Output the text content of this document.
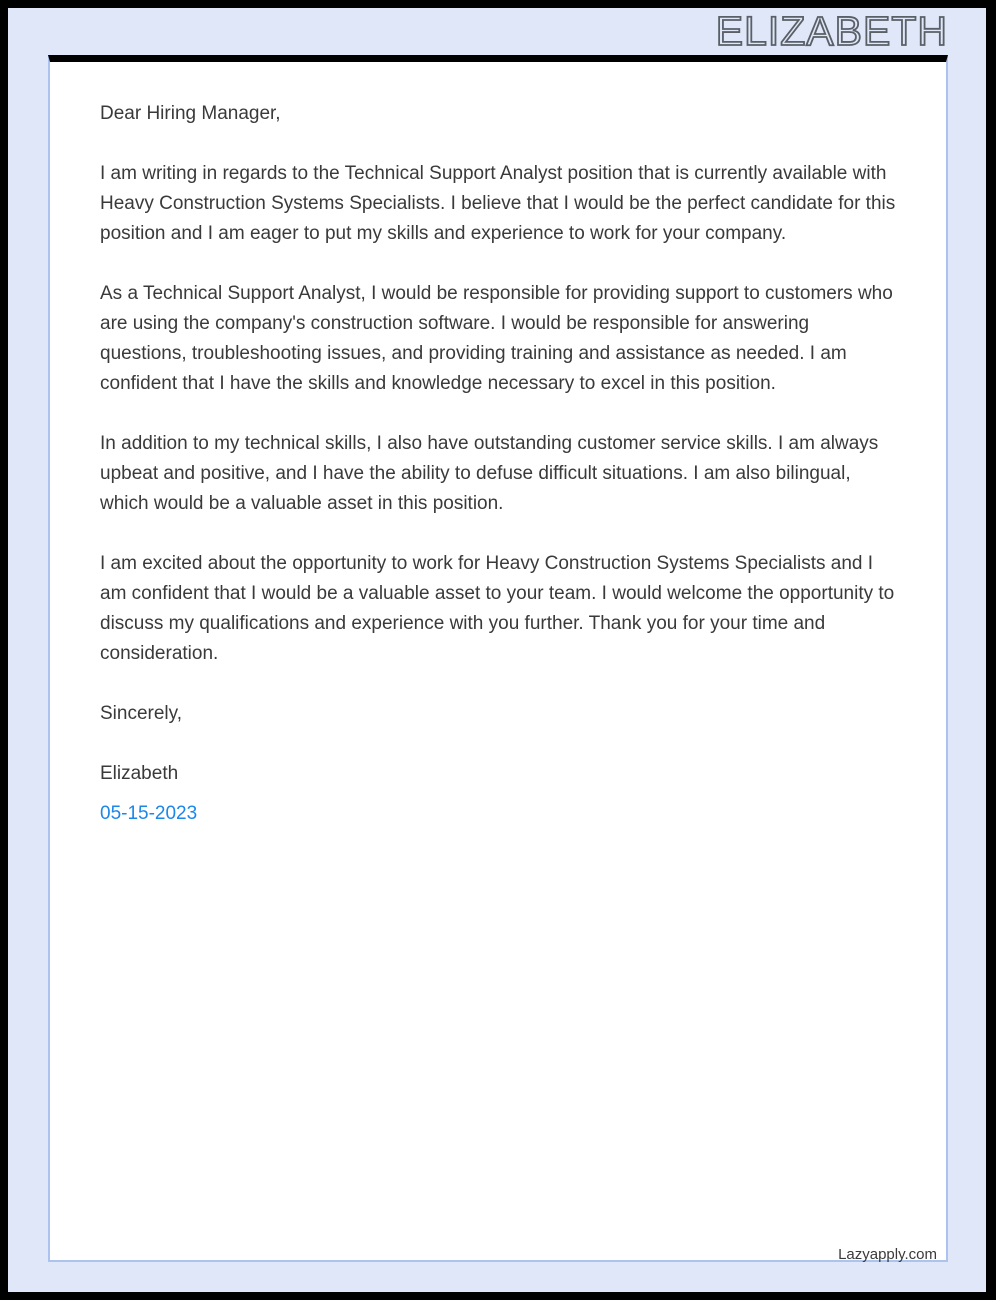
ELIZABETH

Dear Hiring Manager,

I am writing in regards to the Technical Support Analyst position that is currently available with Heavy Construction Systems Specialists. I believe that I would be the perfect candidate for this position and I am eager to put my skills and experience to work for your company.

As a Technical Support Analyst, I would be responsible for providing support to customers who are using the company's construction software. I would be responsible for answering questions, troubleshooting issues, and providing training and assistance as needed. I am confident that I have the skills and knowledge necessary to excel in this position.

In addition to my technical skills, I also have outstanding customer service skills. I am always upbeat and positive, and I have the ability to defuse difficult situations. I am also bilingual, which would be a valuable asset in this position.

I am excited about the opportunity to work for Heavy Construction Systems Specialists and I am confident that I would be a valuable asset to your team. I would welcome the opportunity to discuss my qualifications and experience with you further. Thank you for your time and consideration.

Sincerely,

Elizabeth

05-15-2023

Lazyapply.com
